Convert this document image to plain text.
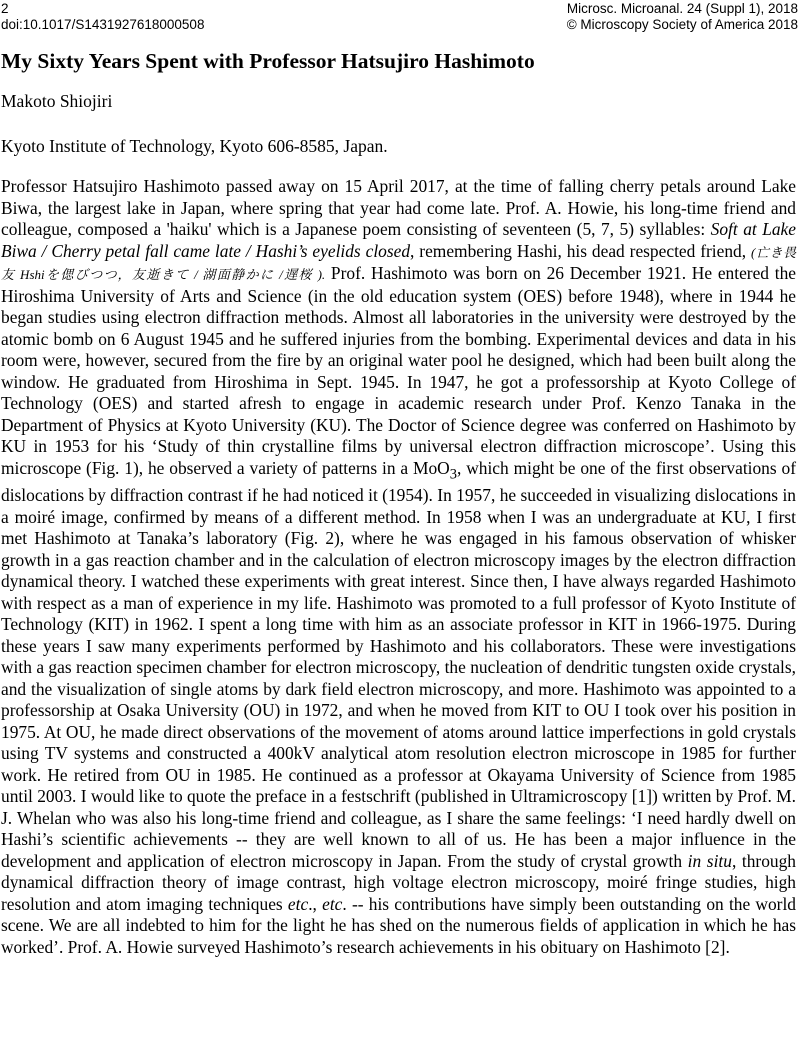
2	Microsc. Microanal. 24 (Suppl 1), 2018
doi:10.1017/S1431927618000508	© Microscopy Society of America 2018
My Sixty Years Spent with Professor Hatsujiro Hashimoto
Makoto Shiojiri
Kyoto Institute of Technology, Kyoto 606-8585, Japan.

Professor Hatsujiro Hashimoto passed away on 15 April 2017, at the time of falling cherry petals around Lake Biwa, the largest lake in Japan, where spring that year had come late. Prof. A. Howie, his long-time friend and colleague, composed a 'haiku' which is a Japanese poem consisting of seventeen (5, 7, 5) syllables: Soft at Lake Biwa / Cherry petal fall came late / Hashi’s eyelids closed, remembering Hashi, his dead respected friend, (亡き畏友 Hshiを偲びつつ，友逝きて / 湖面静かに /遅桜 ). Prof. Hashimoto was born on 26 December 1921. He entered the Hiroshima University of Arts and Science (in the old education system (OES) before 1948), where in 1944 he began studies using electron diffraction methods. Almost all laboratories in the university were destroyed by the atomic bomb on 6 August 1945 and he suffered injuries from the bombing. Experimental devices and data in his room were, however, secured from the fire by an original water pool he designed, which had been built along the window. He graduated from Hiroshima in Sept. 1945. In 1947, he got a professorship at Kyoto College of Technology (OES) and started afresh to engage in academic research under Prof. Kenzo Tanaka in the Department of Physics at Kyoto University (KU). The Doctor of Science degree was conferred on Hashimoto by KU in 1953 for his ‘Study of thin crystalline films by universal electron diffraction microscope’. Using this microscope (Fig. 1), he observed a variety of patterns in a MoO$_3$, which might be one of the first observations of dislocations by diffraction contrast if he had noticed it (1954). In 1957, he succeeded in visualizing dislocations in a moiré image, confirmed by means of a different method. In 1958 when I was an undergraduate at KU, I first met Hashimoto at Tanaka’s laboratory (Fig. 2), where he was engaged in his famous observation of whisker growth in a gas reaction chamber and in the calculation of electron microscopy images by the electron diffraction dynamical theory. I watched these experiments with great interest. Since then, I have always regarded Hashimoto with respect as a man of experience in my life. Hashimoto was promoted to a full professor of Kyoto Institute of Technology (KIT) in 1962. I spent a long time with him as an associate professor in KIT in 1966-1975. During these years I saw many experiments performed by Hashimoto and his collaborators. These were investigations with a gas reaction specimen chamber for electron microscopy, the nucleation of dendritic tungsten oxide crystals, and the visualization of single atoms by dark field electron microscopy, and more. Hashimoto was appointed to a professorship at Osaka University (OU) in 1972, and when he moved from KIT to OU I took over his position in 1975. At OU, he made direct observations of the movement of atoms around lattice imperfections in gold crystals using TV systems and constructed a 400kV analytical atom resolution electron microscope in 1985 for further work. He retired from OU in 1985. He continued as a professor at Okayama University of Science from 1985 until 2003. I would like to quote the preface in a festschrift (published in Ultramicroscopy [1]) written by Prof. M. J. Whelan who was also his long-time friend and colleague, as I share the same feelings: ‘I need hardly dwell on Hashi’s scientific achievements -- they are well known to all of us. He has been a major influence in the development and application of electron microscopy in Japan. From the study of crystal growth in situ, through dynamical diffraction theory of image contrast, high voltage electron microscopy, moiré fringe studies, high resolution and atom imaging techniques etc., etc. -- his contributions have simply been outstanding on the world scene. We are all indebted to him for the light he has shed on the numerous fields of application in which he has worked’. Prof. A. Howie surveyed Hashimoto’s research achievements in his obituary on Hashimoto [2].
